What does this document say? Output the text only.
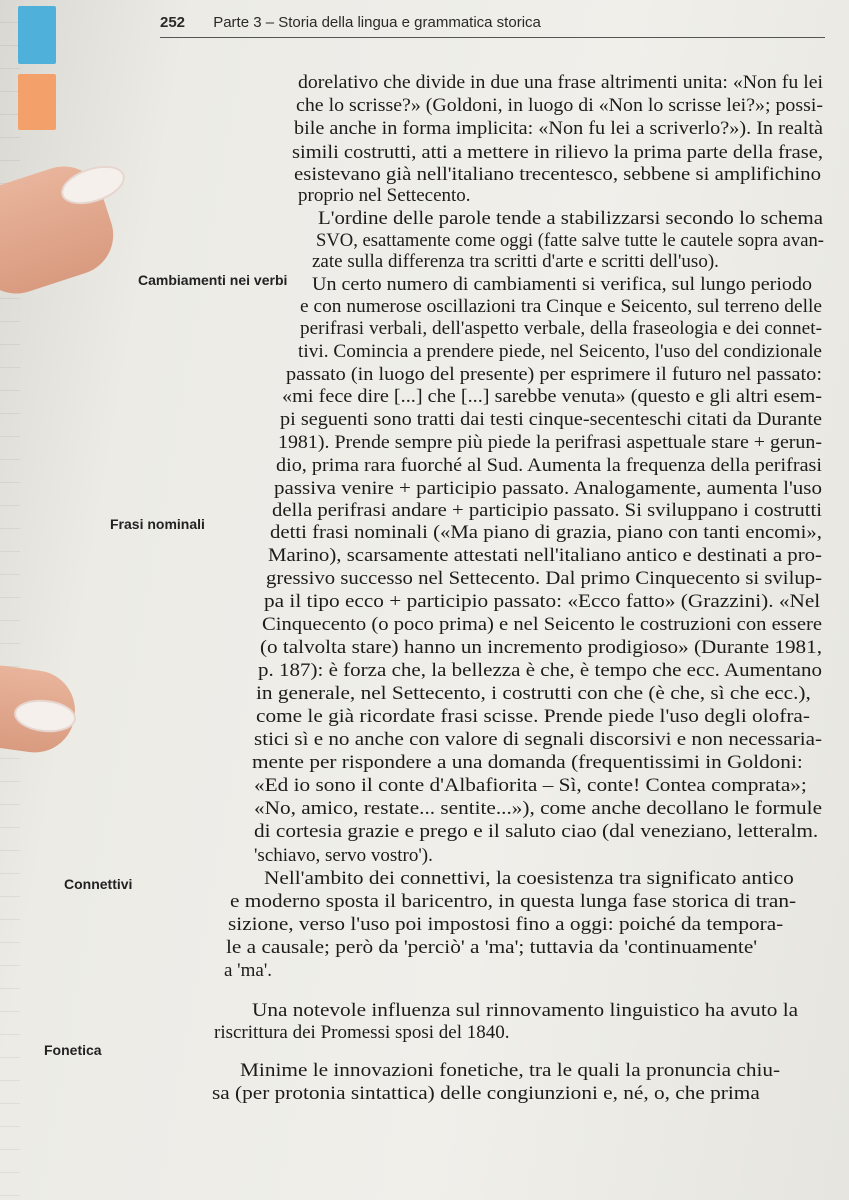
252 Parte 3 – Storia della lingua e grammatica storica
Cambiamenti nei verbi
Frasi nominali
Connettivi
Fonetica
dorelativo che divide in due una frase altrimenti unita: «Non fu lei
che lo scrisse?» (Goldoni, in luogo di «Non lo scrisse lei?»; possi-
bile anche in forma implicita: «Non fu lei a scriverlo?»). In realtà
simili costrutti, atti a mettere in rilievo la prima parte della frase,
esistevano già nell'italiano trecentesco, sebbene si amplifichino
proprio nel Settecento.
L'ordine delle parole tende a stabilizzarsi secondo lo schema
SVO, esattamente come oggi (fatte salve tutte le cautele sopra avan-
zate sulla differenza tra scritti d'arte e scritti dell'uso).
Un certo numero di cambiamenti si verifica, sul lungo periodo
e con numerose oscillazioni tra Cinque e Seicento, sul terreno delle
perifrasi verbali, dell'aspetto verbale, della fraseologia e dei connet-
tivi. Comincia a prendere piede, nel Seicento, l'uso del condizionale
passato (in luogo del presente) per esprimere il futuro nel passato:
«mi fece dire [...] che [...] sarebbe venuta» (questo e gli altri esem-
pi seguenti sono tratti dai testi cinque-secenteschi citati da Durante
1981). Prende sempre più piede la perifrasi aspettuale stare + gerun-
dio, prima rara fuorché al Sud. Aumenta la frequenza della perifrasi
passiva venire + participio passato. Analogamente, aumenta l'uso
della perifrasi andare + participio passato. Si sviluppano i costrutti
detti frasi nominali («Ma piano di grazia, piano con tanti encomi»,
Marino), scarsamente attestati nell'italiano antico e destinati a pro-
gressivo successo nel Settecento. Dal primo Cinquecento si svilup-
pa il tipo ecco + participio passato: «Ecco fatto» (Grazzini). «Nel
Cinquecento (o poco prima) e nel Seicento le costruzioni con essere
(o talvolta stare) hanno un incremento prodigioso» (Durante 1981,
p. 187): è forza che, la bellezza è che, è tempo che ecc. Aumentano
in generale, nel Settecento, i costrutti con che (è che, sì che ecc.),
come le già ricordate frasi scisse. Prende piede l'uso degli olofra-
stici sì e no anche con valore di segnali discorsivi e non necessaria-
mente per rispondere a una domanda (frequentissimi in Goldoni:
«Ed io sono il conte d'Albafiorita – Sì, conte! Contea comprata»;
«No, amico, restate... sentite...»), come anche decollano le formule
di cortesia grazie e prego e il saluto ciao (dal veneziano, letteralm.
'schiavo, servo vostro').
Nell'ambito dei connettivi, la coesistenza tra significato antico
e moderno sposta il baricentro, in questa lunga fase storica di tran-
sizione, verso l'uso poi impostosi fino a oggi: poiché da tempora-
le a causale; però da 'perciò' a 'ma'; tuttavia da 'continuamente'
a 'ma'.
Una notevole influenza sul rinnovamento linguistico ha avuto la
riscrittura dei Promessi sposi del 1840.
Minime le innovazioni fonetiche, tra le quali la pronuncia chiu-
sa (per protonia sintattica) delle congiunzioni e, né, o, che prima
